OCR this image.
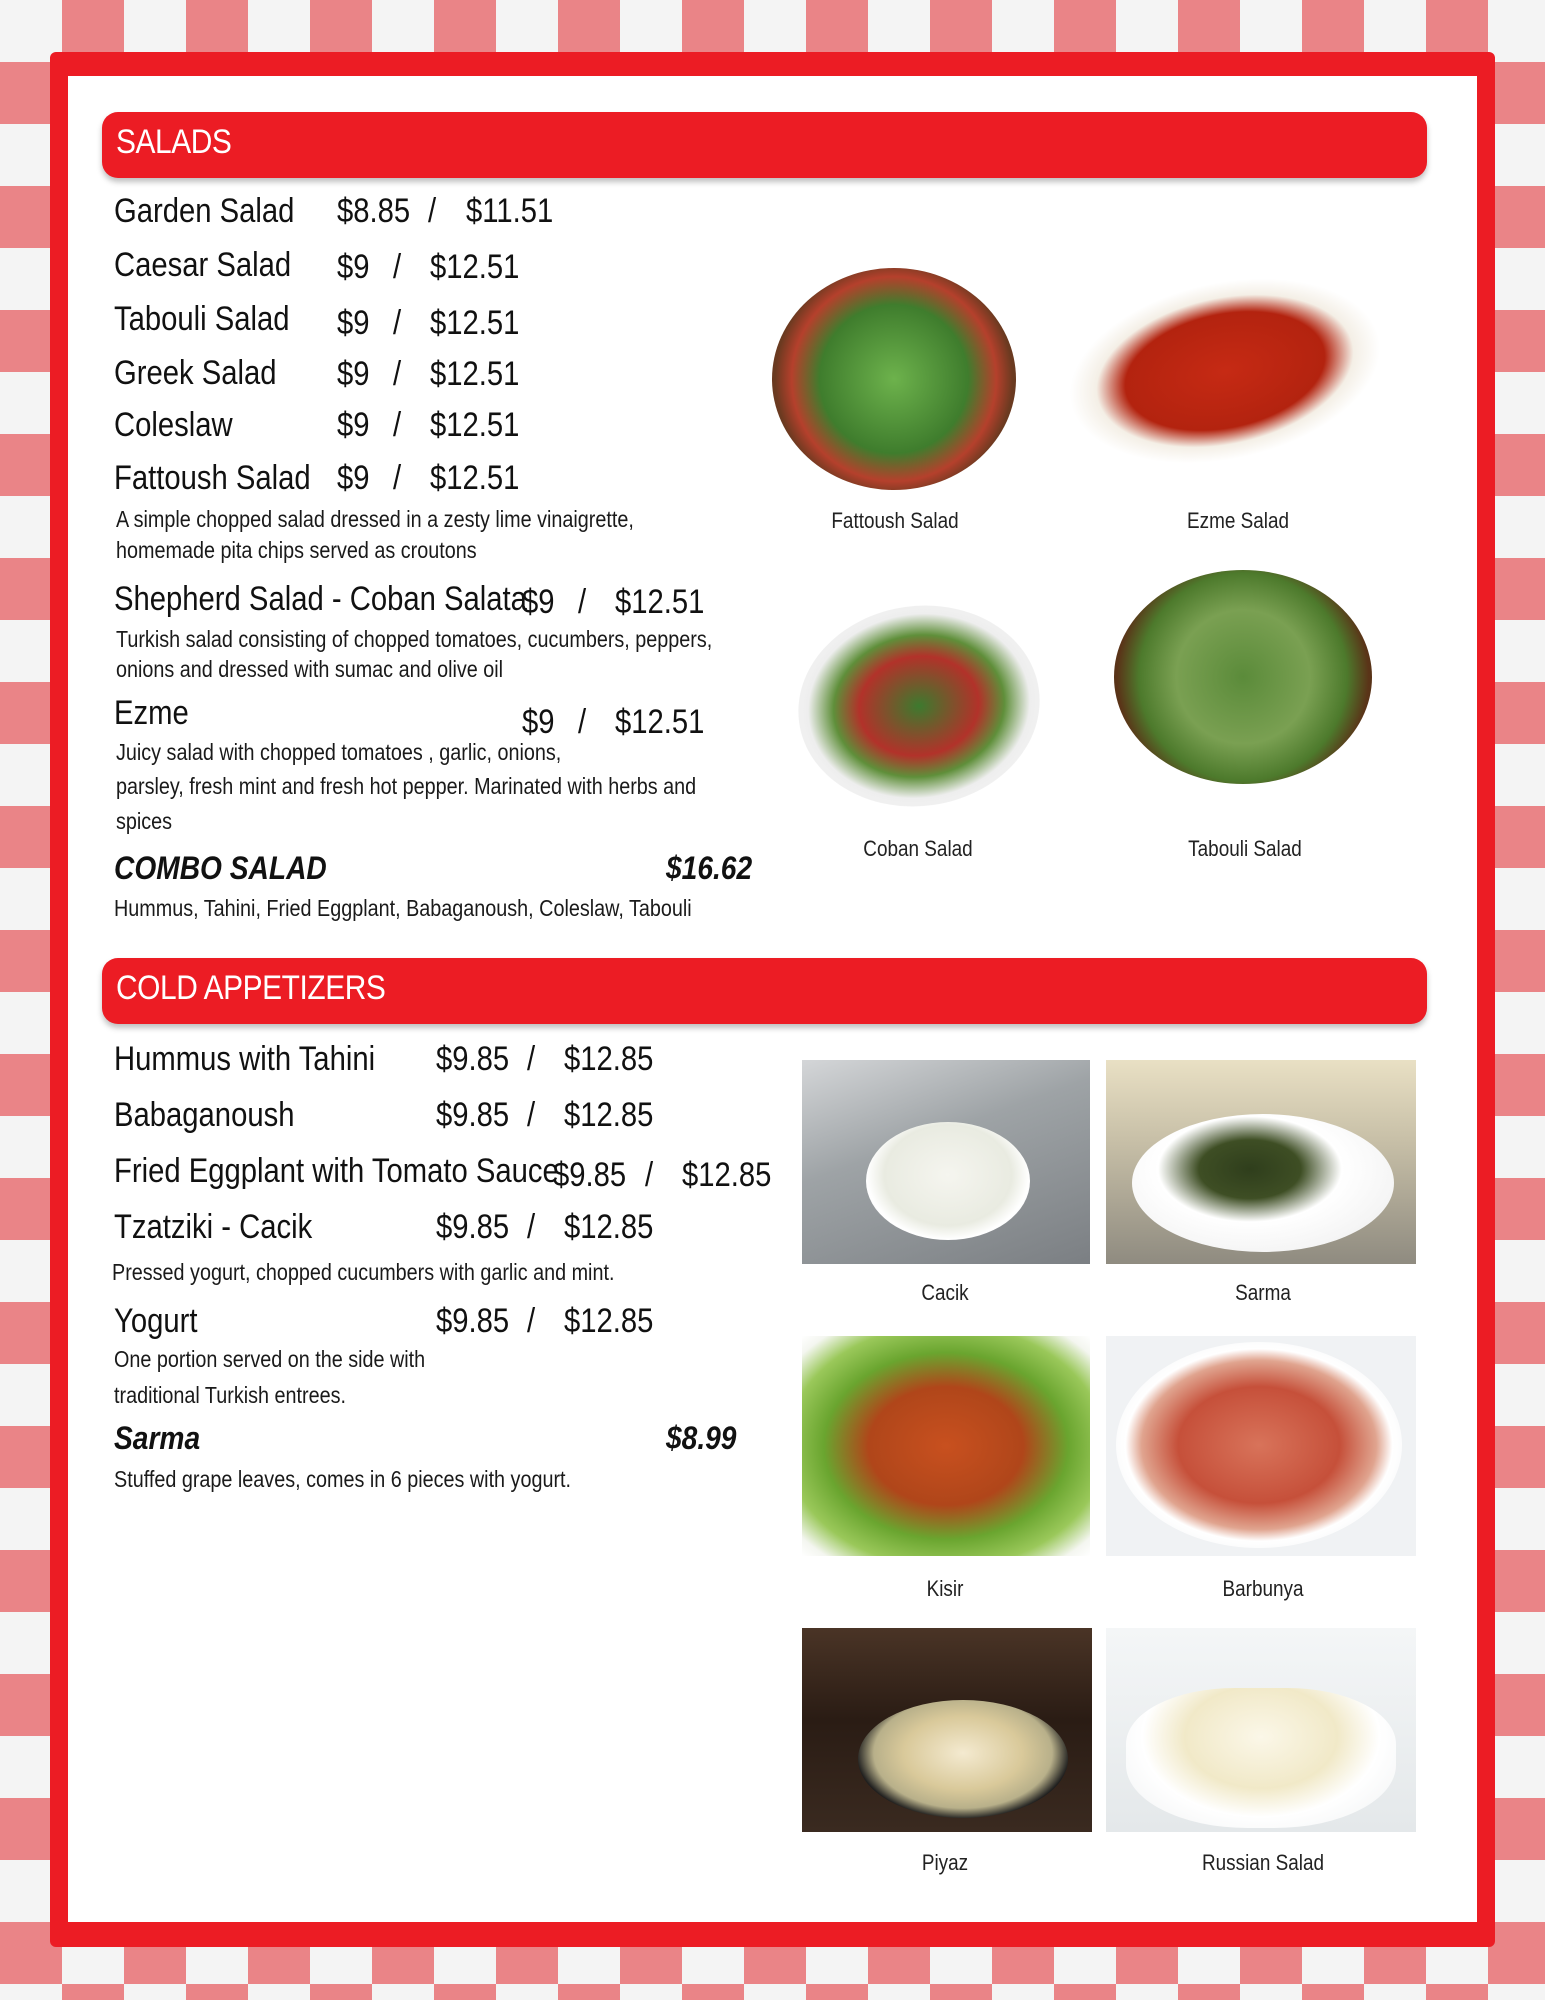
SALADS
Garden Salad $8.85 / $11.51
Caesar Salad $9 / $12.51
Tabouli Salad $9 / $12.51
Greek Salad $9 / $12.51
Coleslaw	$9 / $12.51
Fattoush Salad $9 / $12.51
A simple chopped salad dressed in a zesty lime vinaigrette,
homemade pita chips served as croutons
Shepherd Salad - Coban Salata
$9 / $12.51
Turkish salad consisting of chopped tomatoes, cucumbers, peppers,
onions and dressed with sumac and olive oil
Ezme	$9 / $12.51
Juicy salad with chopped tomatoes , garlic, onions,
parsley, fresh mint and fresh hot pepper. Marinated with herbs and
spices
COMBO SALAD	$16.62
Hummus, Tahini, Fried Eggplant, Babaganoush, Coleslaw, Tabouli
Fattoush Salad	Ezme Salad
Coban Salad	Tabouli Salad
COLD APPETIZERS
Hummus with Tahini $9.85 / $12.85
Babaganoush	$9.85 / $12.85
Fried Eggplant with Tomato Sauce
$9.85 / $12.85
Tzatziki - Cacik	$9.85 / $12.85
Pressed yogurt, chopped cucumbers with garlic and mint.
Yogurt	$9.85 / $12.85
One portion served on the side with
traditional Turkish entrees.
Sarma	$8.99
Stuffed grape leaves, comes in 6 pieces with yogurt.
Cacik	Sarma
Kisir	Barbunya
Piyaz	Russian Salad
